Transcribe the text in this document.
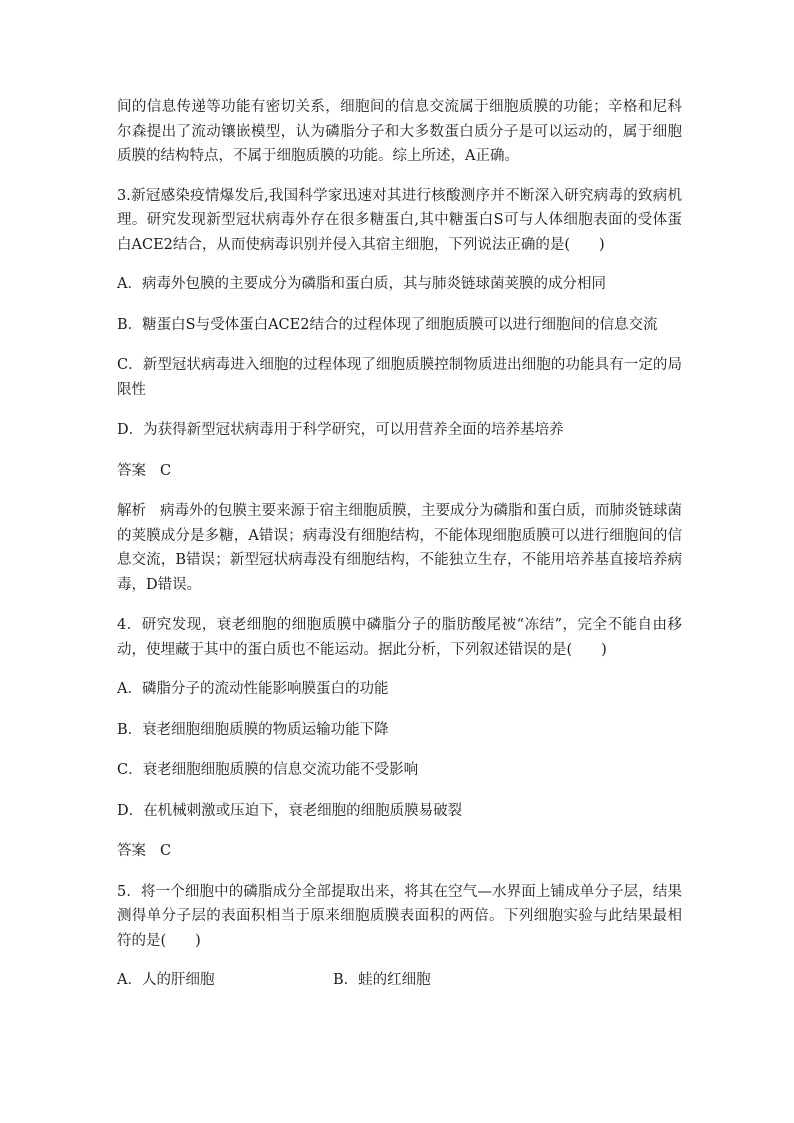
间的信息传递等功能有密切关系，细胞间的信息交流属于细胞质膜的功能；辛格和尼科尔森提出了流动镶嵌模型，认为磷脂分子和大多数蛋白质分子是可以运动的，属于细胞质膜的结构特点，不属于细胞质膜的功能。综上所述，A正确。

3.新冠感染疫情爆发后,我国科学家迅速对其进行核酸测序并不断深入研究病毒的致病机理。研究发现新型冠状病毒外存在很多糖蛋白,其中糖蛋白S可与人体细胞表面的受体蛋白ACE2结合，从而使病毒识别并侵入其宿主细胞，下列说法正确的是(　　)

A．病毒外包膜的主要成分为磷脂和蛋白质，其与肺炎链球菌荚膜的成分相同

B．糖蛋白S与受体蛋白ACE2结合的过程体现了细胞质膜可以进行细胞间的信息交流

C．新型冠状病毒进入细胞的过程体现了细胞质膜控制物质进出细胞的功能具有一定的局限性

D．为获得新型冠状病毒用于科学研究，可以用营养全面的培养基培养

答案 C

解析 病毒外的包膜主要来源于宿主细胞质膜，主要成分为磷脂和蛋白质，而肺炎链球菌的荚膜成分是多糖，A错误；病毒没有细胞结构，不能体现细胞质膜可以进行细胞间的信息交流，B错误；新型冠状病毒没有细胞结构，不能独立生存，不能用培养基直接培养病毒，D错误。

4．研究发现，衰老细胞的细胞质膜中磷脂分子的脂肪酸尾被“冻结”，完全不能自由移动，使埋藏于其中的蛋白质也不能运动。据此分析，下列叙述错误的是(　　)

A．磷脂分子的流动性能影响膜蛋白的功能

B．衰老细胞细胞质膜的物质运输功能下降

C．衰老细胞细胞质膜的信息交流功能不受影响

D．在机械刺激或压迫下，衰老细胞的细胞质膜易破裂

答案 C

5．将一个细胞中的磷脂成分全部提取出来，将其在空气—水界面上铺成单分子层，结果测得单分子层的表面积相当于原来细胞质膜表面积的两倍。下列细胞实验与此结果最相符的是(　　)

A．人的肝细胞	B．蛙的红细胞
